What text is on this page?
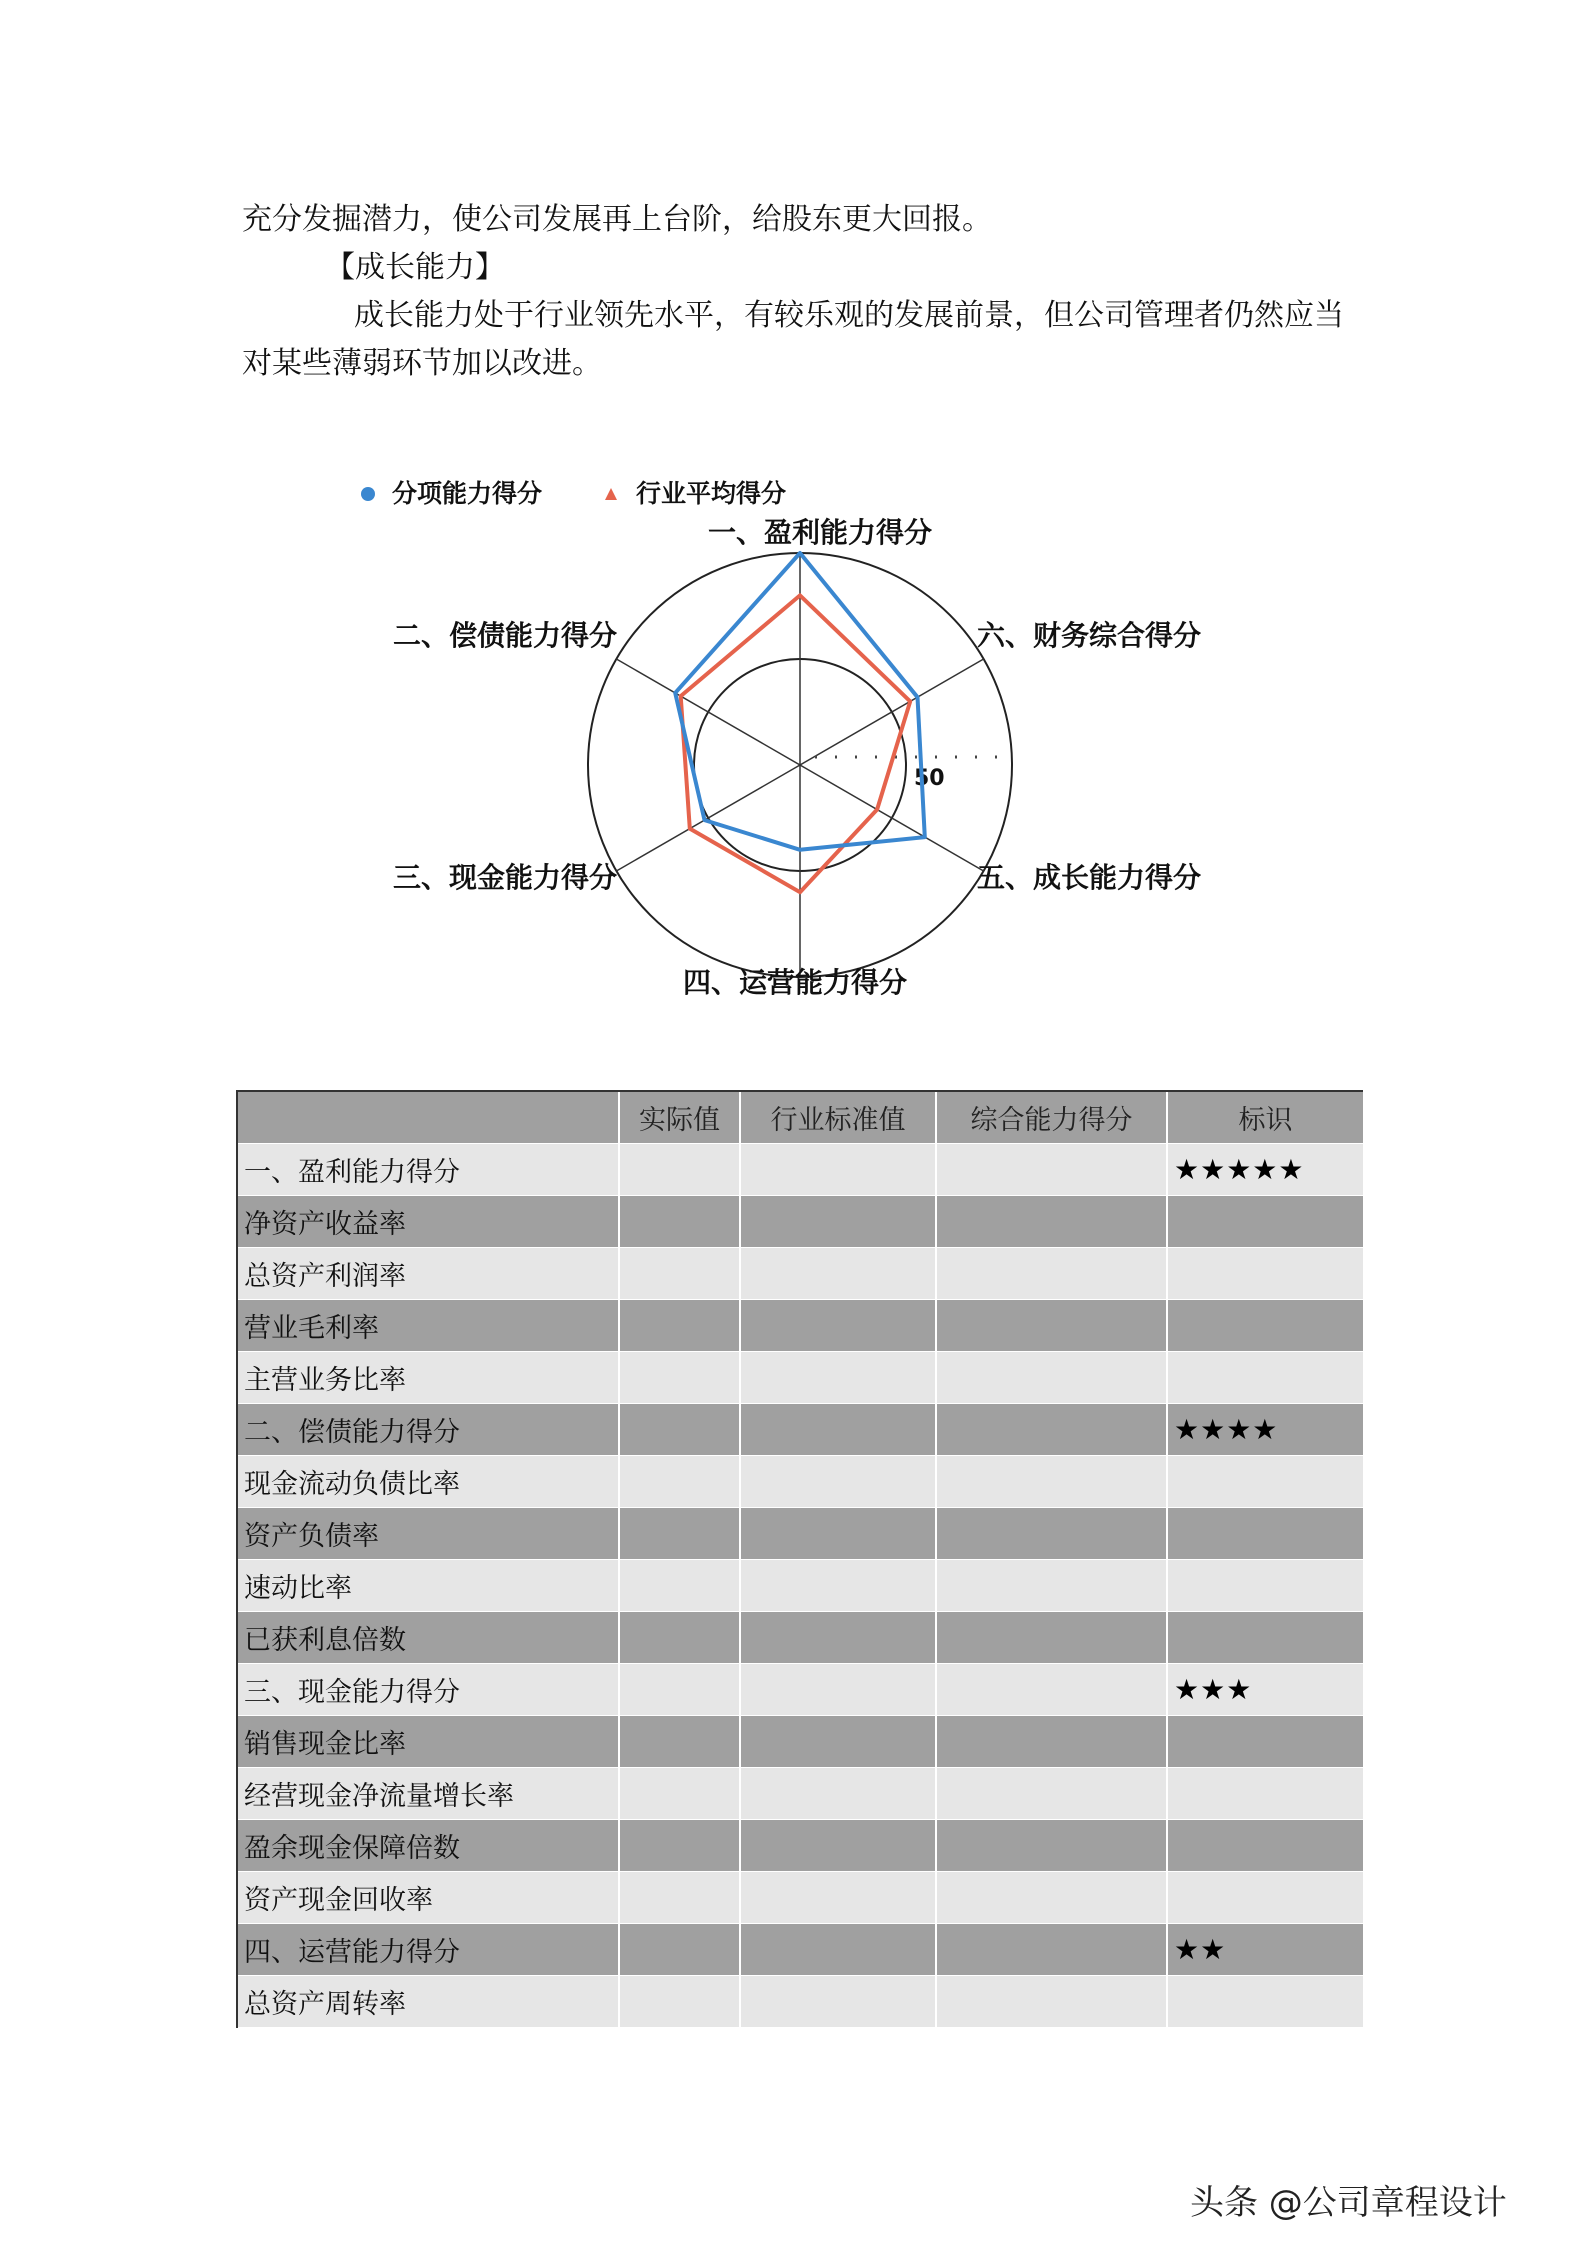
充分发掘潜力，使公司发展再上台阶，给股东更大回报。

【成长能力】

成长能力处于行业领先水平，有较乐观的发展前景，但公司管理者仍然应当对某些薄弱环节加以改进。

分项能力得分	行业平均得分
50
一、盈利能力得分
六、财务综合得分
五、成长能力得分
四、运营能力得分
三、现金能力得分
二、偿债能力得分
	实际值	行业标准值	综合能力得分	标识
一、盈利能力得分				★★★★★
净资产收益率				
总资产利润率				
营业毛利率				
主营业务比率				
二、偿债能力得分				★★★★
现金流动负债比率				
资产负债率				
速动比率				
已获利息倍数				
三、现金能力得分				★★★
销售现金比率				
经营现金净流量增长率				
盈余现金保障倍数				
资产现金回收率				
四、运营能力得分				★★
总资产周转率				
头条 @公司章程设计
